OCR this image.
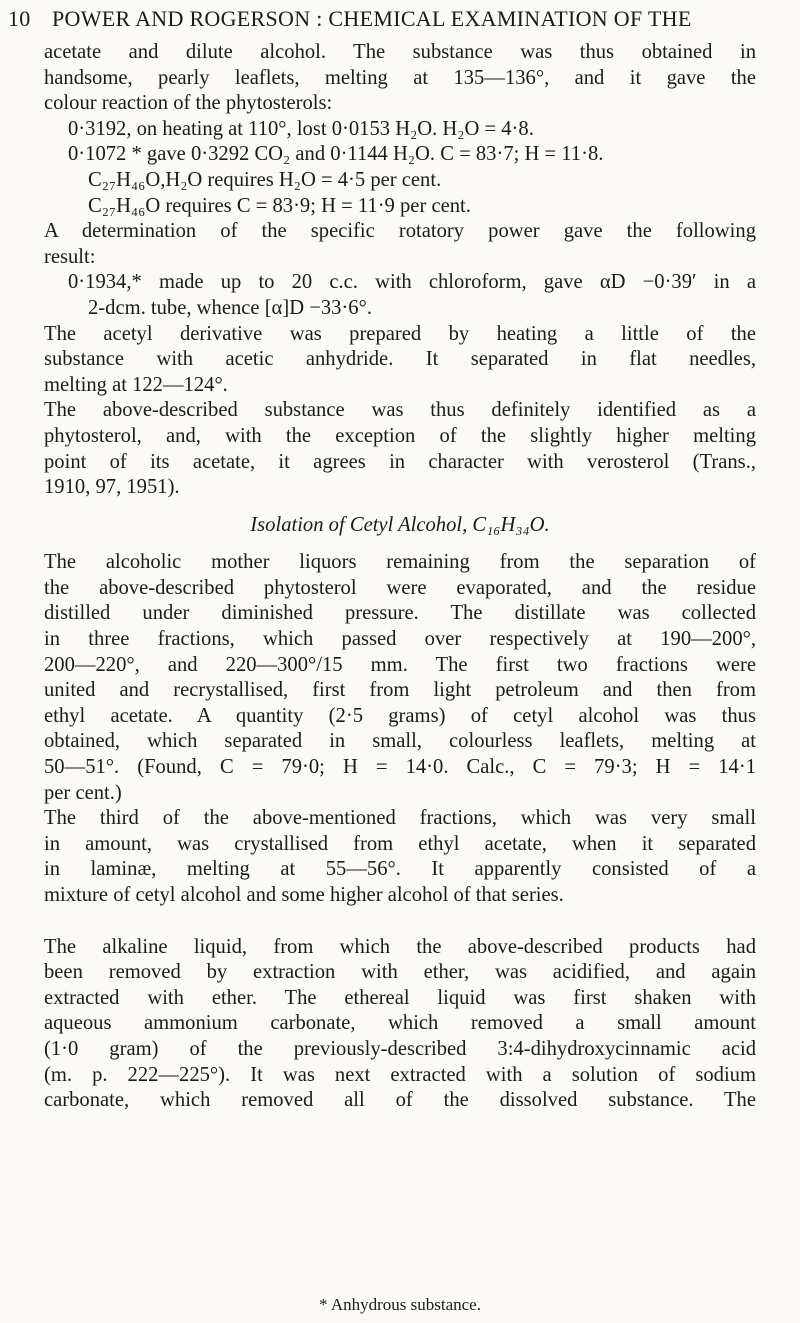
10 POWER AND ROGERSON : CHEMICAL EXAMINATION OF THE
acetate and dilute alcohol. The substance was thus obtained in
handsome, pearly leaflets, melting at 135—136°, and it gave the
colour reaction of the phytosterols:
0·3192, on heating at 110°, lost 0·0153 H₂O. H₂O = 4·8.
0·1072 * gave 0·3292 CO₂ and 0·1144 H₂O. C = 83·7; H = 11·8.
C₂₇H₄₆O,H₂O requires H₂O = 4·5 per cent.
C₂₇H₄₆O requires C = 83·9; H = 11·9 per cent.
A determination of the specific rotatory power gave the following
result:
0·1934,* made up to 20 c.c. with chloroform, gave αD −0·39′ in a
2-dcm. tube, whence [α]D −33·6°.
The acetyl derivative was prepared by heating a little of the
substance with acetic anhydride. It separated in flat needles,
melting at 122—124°.
The above-described substance was thus definitely identified as a
phytosterol, and, with the exception of the slightly higher melting
point of its acetate, it agrees in character with verosterol (Trans.,
1910, 97, 1951).
Isolation of Cetyl Alcohol, C₁₆H₃₄O.
The alcoholic mother liquors remaining from the separation of
the above-described phytosterol were evaporated, and the residue
distilled under diminished pressure. The distillate was collected
in three fractions, which passed over respectively at 190—200°,
200—220°, and 220—300°/15 mm. The first two fractions were
united and recrystallised, first from light petroleum and then from
ethyl acetate. A quantity (2·5 grams) of cetyl alcohol was thus
obtained, which separated in small, colourless leaflets, melting at
50—51°. (Found, C = 79·0; H = 14·0. Calc., C = 79·3; H = 14·1
per cent.)
The third of the above-mentioned fractions, which was very small
in amount, was crystallised from ethyl acetate, when it separated
in laminæ, melting at 55—56°. It apparently consisted of a
mixture of cetyl alcohol and some higher alcohol of that series.
The alkaline liquid, from which the above-described products had
been removed by extraction with ether, was acidified, and again
extracted with ether. The ethereal liquid was first shaken with
aqueous ammonium carbonate, which removed a small amount
(1·0 gram) of the previously-described 3:4-dihydroxycinnamic acid
(m. p. 222—225°). It was next extracted with a solution of sodium
carbonate, which removed all of the dissolved substance. The
* Anhydrous substance.
